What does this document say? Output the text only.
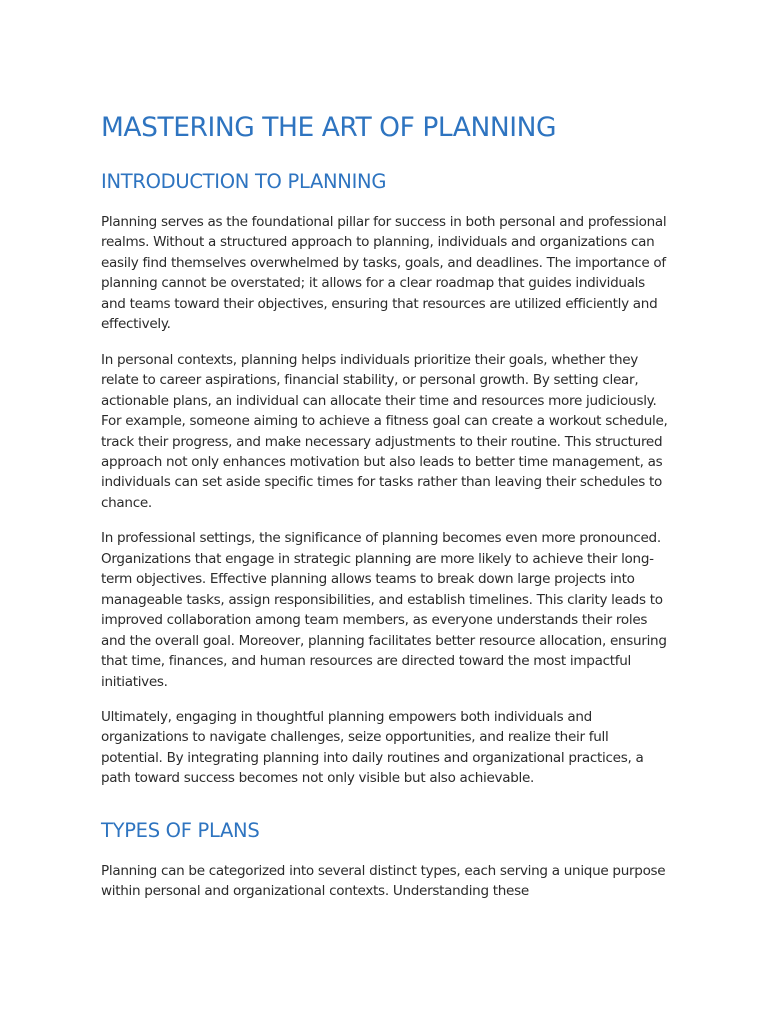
MASTERING THE ART OF PLANNING
INTRODUCTION TO PLANNING

Planning serves as the foundational pillar for success in both personal and professional realms. Without a structured approach to planning, individuals and organizations can easily find themselves overwhelmed by tasks, goals, and deadlines. The importance of planning cannot be overstated; it allows for a clear roadmap that guides individuals and teams toward their objectives, ensuring that resources are utilized efficiently and effectively.

In personal contexts, planning helps individuals prioritize their goals, whether they relate to career aspirations, financial stability, or personal growth. By setting clear, actionable plans, an individual can allocate their time and resources more judiciously. For example, someone aiming to achieve a fitness goal can create a workout schedule, track their progress, and make necessary adjustments to their routine. This structured approach not only enhances motivation but also leads to better time management, as individuals can set aside specific times for tasks rather than leaving their schedules to chance.

In professional settings, the significance of planning becomes even more pronounced. Organizations that engage in strategic planning are more likely to achieve their long-term objectives. Effective planning allows teams to break down large projects into manageable tasks, assign responsibilities, and establish timelines. This clarity leads to improved collaboration among team members, as everyone understands their roles and the overall goal. Moreover, planning facilitates better resource allocation, ensuring that time, finances, and human resources are directed toward the most impactful initiatives.

Ultimately, engaging in thoughtful planning empowers both individuals and organizations to navigate challenges, seize opportunities, and realize their full potential. By integrating planning into daily routines and organizational practices, a path toward success becomes not only visible but also achievable.

TYPES OF PLANS

Planning can be categorized into several distinct types, each serving a unique purpose within personal and organizational contexts. Understanding these
